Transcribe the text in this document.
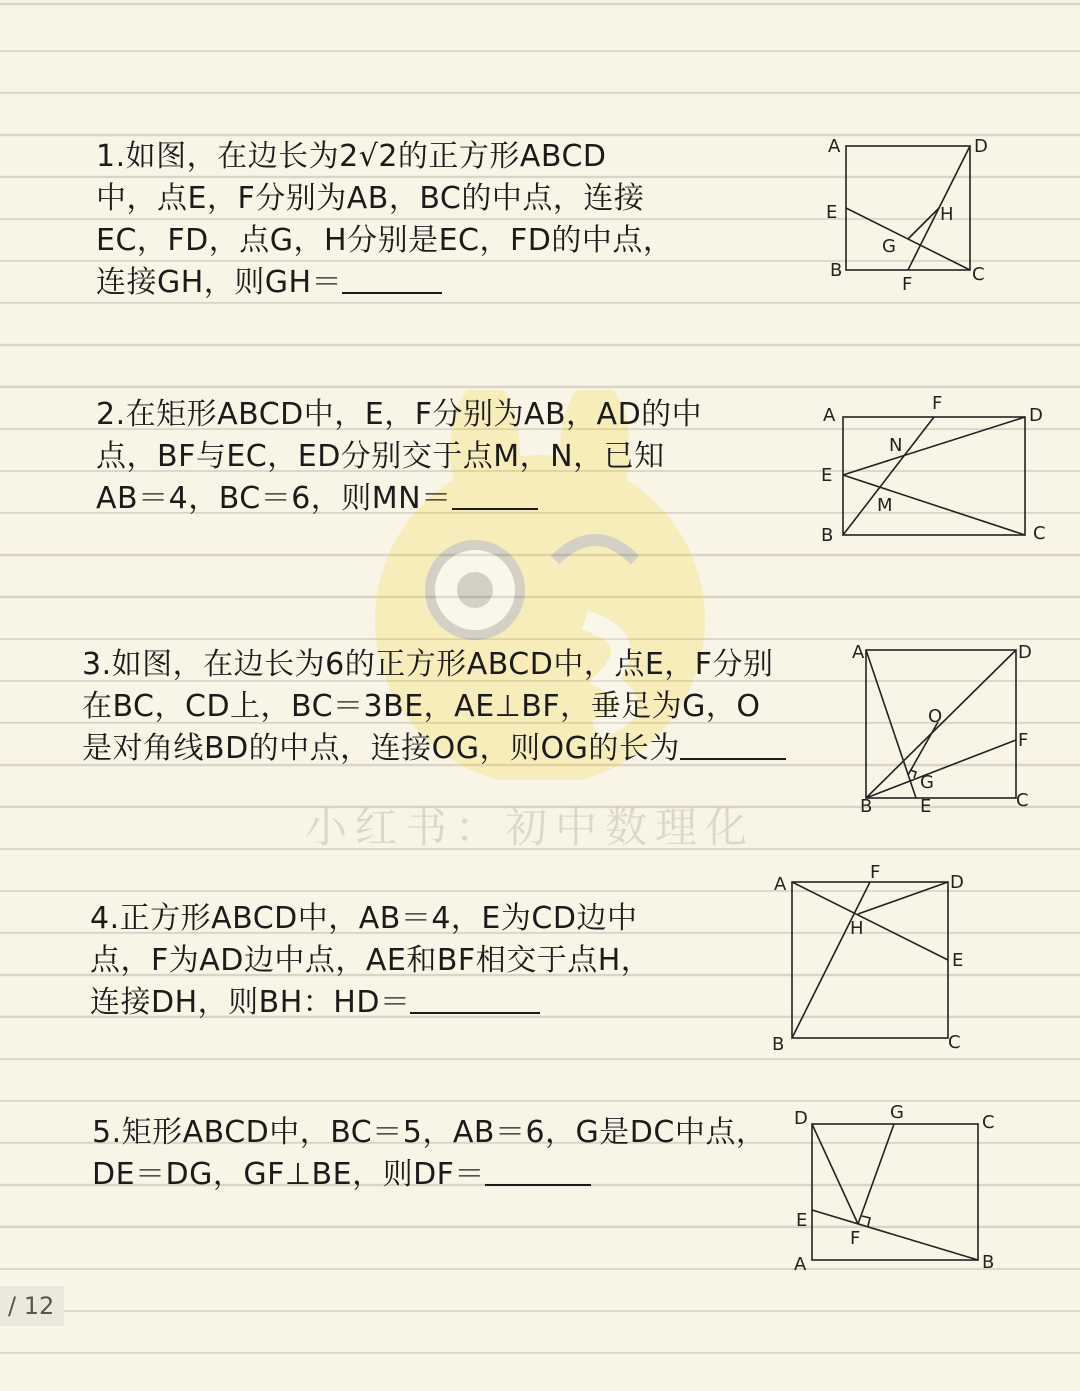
小红书：初中数理化
1.如图，在边长为2√2的正方形ABCD
中，点E，F分别为AB，BC的中点，连接
EC，FD，点G，H分别是EC，FD的中点，
连接GH，则GH＝
A	D
E	H
G
B
F	C
2.在矩形ABCD中，E，F分别为AB，AD的中
点，BF与EC，ED分别交于点M，N，已知
AB＝4，BC＝6，则MN＝
A
F
D
N
E
M
B	C
3.如图，在边长为6的正方形ABCD中，点E，F分别
在BC，CD上，BC＝3BE，AE⊥BF，垂足为G，O
是对角线BD的中点，连接OG，则OG的长为
A	D
O
F
G
B	E	C
4.正方形ABCD中，AB＝4，E为CD边中
点，F为AD边中点，AE和BF相交于点H，
连接DH，则BH：HD＝
A
F	D
H
E
B	C
5.矩形ABCD中，BC＝5，AB＝6，G是DC中点，
DE＝DG，GF⊥BE，则DF＝
D	G	C
E
F
A	B
/ 12
